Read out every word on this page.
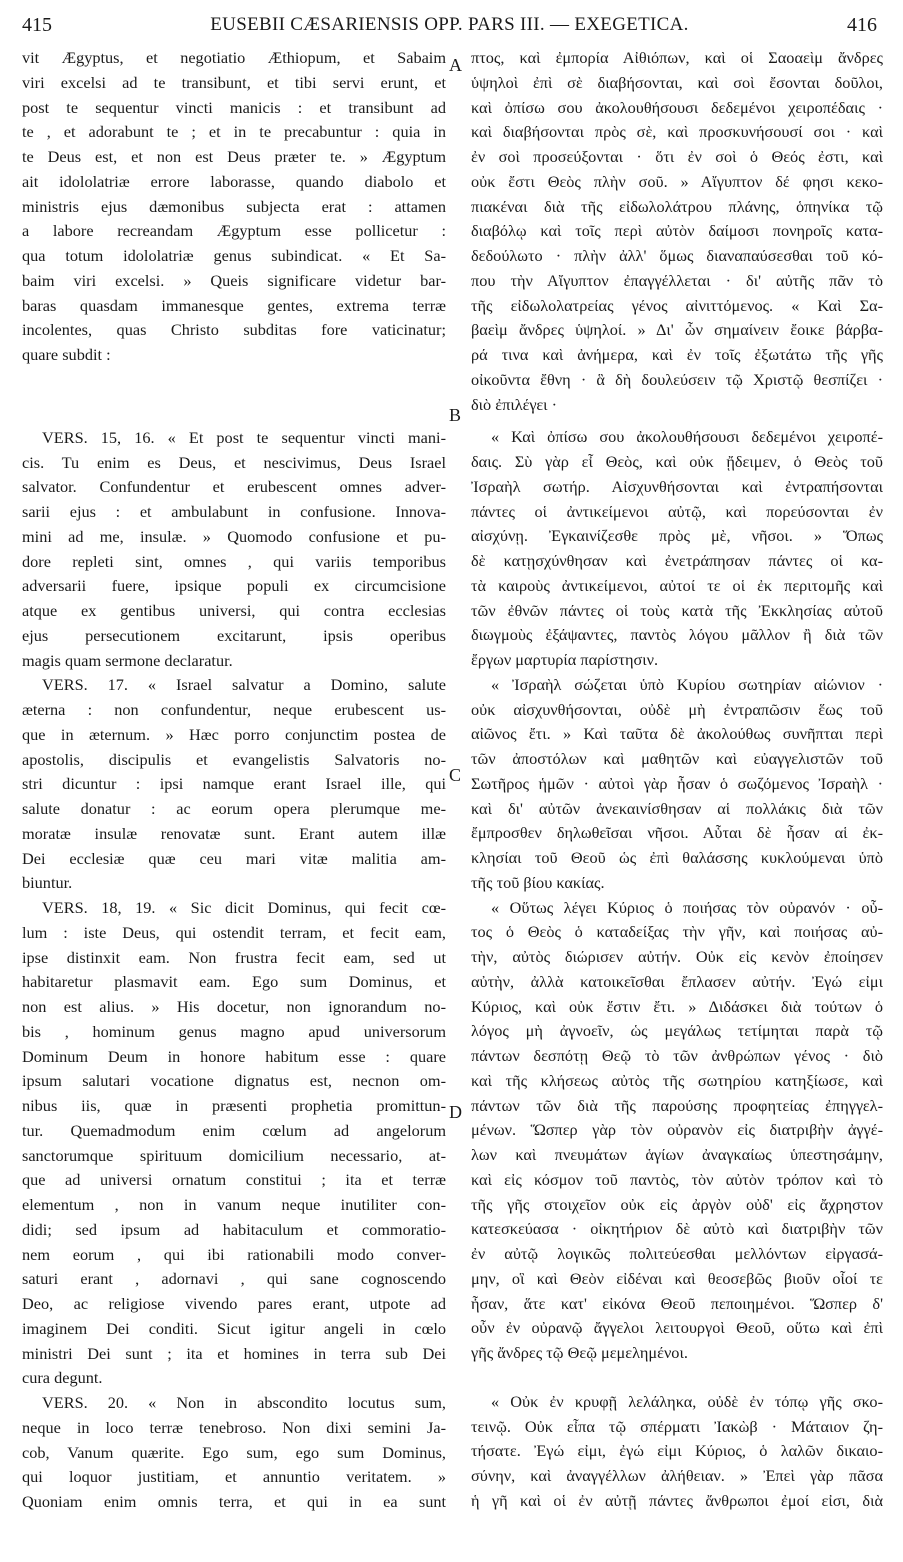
415	EUSEBII CÆSARIENSIS OPP. PARS III. — EXEGETICA.	416
vit Ægyptus, et negotiatio Æthiopum, et Sabaim
viri excelsi ad te transibunt, et tibi servi erunt, et
post te sequentur vincti manicis : et transibunt ad
te , et adorabunt te ; et in te precabuntur : quia in
te Deus est, et non est Deus præter te. » Ægyptum
ait idololatriæ errore laborasse, quando diabolo et
ministris ejus dæmonibus subjecta erat : attamen
a labore recreandam Ægyptum esse pollicetur :
qua totum idololatriæ genus subindicat. « Et Sa-
baim viri excelsi. » Queis significare videtur bar-
baras quasdam immanesque gentes, extrema terræ
incolentes, quas Christo subditas fore vaticinatur;
quare subdit :
VERS. 15, 16. « Et post te sequentur vincti mani-
cis. Tu enim es Deus, et nescivimus, Deus Israel
salvator. Confundentur et erubescent omnes adver-
sarii ejus : et ambulabunt in confusione. Innova-
mini ad me, insulæ. » Quomodo confusione et pu-
dore repleti sint, omnes , qui variis temporibus
adversarii fuere, ipsique populi ex circumcisione
atque ex gentibus universi, qui contra ecclesias
ejus persecutionem excitarunt, ipsis operibus
magis quam sermone declaratur.
VERS. 17. « Israel salvatur a Domino, salute
æterna : non confundentur, neque erubescent us-
que in æternum. » Hæc porro conjunctim postea de
apostolis, discipulis et evangelistis Salvatoris no-
stri dicuntur : ipsi namque erant Israel ille, qui
salute donatur : ac eorum opera plerumque me-
moratæ insulæ renovatæ sunt. Erant autem illæ
Dei ecclesiæ quæ ceu mari vitæ malitia am-
biuntur.
VERS. 18, 19. « Sic dicit Dominus, qui fecit cœ-
lum : iste Deus, qui ostendit terram, et fecit eam,
ipse distinxit eam. Non frustra fecit eam, sed ut
habitaretur plasmavit eam. Ego sum Dominus, et
non est alius. » His docetur, non ignorandum no-
bis , hominum genus magno apud universorum
Dominum Deum in honore habitum esse : quare
ipsum salutari vocatione dignatus est, necnon om-
nibus iis, quæ in præsenti prophetia promittun-
tur. Quemadmodum enim cœlum ad angelorum
sanctorumque spirituum domicilium necessario, at-
que ad universi ornatum constitui ; ita et terræ
elementum , non in vanum neque inutiliter con-
didi; sed ipsum ad habitaculum et commoratio-
nem eorum , qui ibi rationabili modo conver-
saturi erant , adornavi , qui sane cognoscendo
Deo, ac religiose vivendo pares erant, utpote ad
imaginem Dei conditi. Sicut igitur angeli in cœlo
ministri Dei sunt ; ita et homines in terra sub Dei
cura degunt.
VERS. 20. « Non in abscondito locutus sum,
neque in loco terræ tenebroso. Non dixi semini Ja-
cob, Vanum quærite. Ego sum, ego sum Dominus,
qui loquor justitiam, et annuntio veritatem. »
Quoniam enim omnis terra, et qui in ea sunt
πτος, καὶ ἐμπορία Αἰθιόπων, καὶ οἱ Σαοαεὶμ ἄνδρες
ὑψηλοὶ ἐπὶ σὲ διαβήσονται, καὶ σοὶ ἔσονται δοῦλοι,
καὶ ὀπίσω σου ἀκολουθήσουσι δεδεμένοι χειροπέδαις ·
καὶ διαβήσονται πρὸς σὲ, καὶ προσκυνήσουσί σοι · καὶ
ἐν σοὶ προσεύξονται · ὅτι ἐν σοὶ ὁ Θεός ἐστι, καὶ
οὐκ ἔστι Θεὸς πλὴν σοῦ. » Αἴγυπτον δέ φησι κεκο-
πιακέναι διὰ τῆς εἰδωλολάτρου πλάνης, ὁπηνίκα τῷ
διαβόλῳ καὶ τοῖς περὶ αὐτὸν δαίμοσι πονηροῖς κατα-
δεδούλωτο · πλὴν ἀλλ' ὅμως διαναπαύσεσθαι τοῦ κό-
που τὴν Αἴγυπτον ἐπαγγέλλεται · δι' αὐτῆς πᾶν τὸ
τῆς εἰδωλολατρείας γένος αἰνιττόμενος. « Καὶ Σα-
βαεὶμ ἄνδρες ὑψηλοί. » Δι' ὧν σημαίνειν ἔοικε βάρβα-
ρά τινα καὶ ἀνήμερα, καὶ ἐν τοῖς ἐξωτάτω τῆς γῆς
οἰκοῦντα ἔθνη · ἃ δὴ δουλεύσειν τῷ Χριστῷ θεσπίζει ·
διὸ ἐπιλέγει ·
« Καὶ ὀπίσω σου ἀκολουθήσουσι δεδεμένοι χειροπέ-
δαις. Σὺ γὰρ εἶ Θεὸς, καὶ οὐκ ᾔδειμεν, ὁ Θεὸς τοῦ
Ἰσραὴλ σωτήρ. Αἰσχυνθήσονται καὶ ἐντραπήσονται
πάντες οἱ ἀντικείμενοι αὐτῷ, καὶ πορεύσονται ἐν
αἰσχύνῃ. Ἐγκαινίζεσθε πρὸς μὲ, νῆσοι. » Ὅπως
δὲ κατῃσχύνθησαν καὶ ἐνετράπησαν πάντες οἱ κα-
τὰ καιροὺς ἀντικείμενοι, αὐτοί τε οἱ ἐκ περιτομῆς καὶ
τῶν ἐθνῶν πάντες οἱ τοὺς κατὰ τῆς Ἐκκλησίας αὐτοῦ
διωγμοὺς ἐξάψαντες, παντὸς λόγου μᾶλλον ἢ διὰ τῶν
ἔργων μαρτυρία παρίστησιν.
« Ἰσραὴλ σώζεται ὑπὸ Κυρίου σωτηρίαν αἰώνιον ·
οὐκ αἰσχυνθήσονται, οὐδὲ μὴ ἐντραπῶσιν ἕως τοῦ
αἰῶνος ἔτι. » Καὶ ταῦτα δὲ ἀκολούθως συνῆπται περὶ
τῶν ἀποστόλων καὶ μαθητῶν καὶ εὐαγγελιστῶν τοῦ
Σωτῆρος ἡμῶν · αὐτοὶ γὰρ ἦσαν ὁ σωζόμενος Ἰσραὴλ ·
καὶ δι' αὐτῶν ἀνεκαινίσθησαν αἱ πολλάκις διὰ τῶν
ἔμπροσθεν δηλωθεῖσαι νῆσοι. Αὗται δὲ ἦσαν αἱ ἐκ-
κλησίαι τοῦ Θεοῦ ὡς ἐπὶ θαλάσσης κυκλούμεναι ὑπὸ
τῆς τοῦ βίου κακίας.
« Οὕτως λέγει Κύριος ὁ ποιήσας τὸν οὐρανόν · οὗ-
τος ὁ Θεὸς ὁ καταδείξας τὴν γῆν, καὶ ποιήσας αὐ-
τὴν, αὐτὸς διώρισεν αὐτήν. Οὐκ εἰς κενὸν ἐποίησεν
αὐτὴν, ἀλλὰ κατοικεῖσθαι ἔπλασεν αὐτήν. Ἐγώ εἰμι
Κύριος, καὶ οὐκ ἔστιν ἔτι. » Διδάσκει διὰ τούτων ὁ
λόγος μὴ ἀγνοεῖν, ὡς μεγάλως τετίμηται παρὰ τῷ
πάντων δεσπότῃ Θεῷ τὸ τῶν ἀνθρώπων γένος · διὸ
καὶ τῆς κλήσεως αὐτὸς τῆς σωτηρίου κατηξίωσε, καὶ
πάντων τῶν διὰ τῆς παρούσης προφητείας ἐπηγγελ-
μένων. Ὥσπερ γὰρ τὸν οὐρανὸν εἰς διατριβὴν ἀγγέ-
λων καὶ πνευμάτων ἁγίων ἀναγκαίως ὑπεστησάμην,
καὶ εἰς κόσμον τοῦ παντὸς, τὸν αὐτὸν τρόπον καὶ τὸ
τῆς γῆς στοιχεῖον οὐκ εἰς ἀργὸν οὐδ' εἰς ἄχρηστον
κατεσκεύασα · οἰκητήριον δὲ αὐτὸ καὶ διατριβὴν τῶν
ἐν αὐτῷ λογικῶς πολιτεύεσθαι μελλόντων εἰργασά-
μην, οἳ καὶ Θεὸν εἰδέναι καὶ θεοσεβῶς βιοῦν οἷοί τε
ἦσαν, ἅτε κατ' εἰκόνα Θεοῦ πεποιημένοι. Ὥσπερ δ'
οὖν ἐν οὐρανῷ ἄγγελοι λειτουργοὶ Θεοῦ, οὕτω καὶ ἐπὶ
γῆς ἄνδρες τῷ Θεῷ μεμελημένοι.
« Οὐκ ἐν κρυφῇ λελάληκα, οὐδὲ ἐν τόπῳ γῆς σκο-
τεινῷ. Οὐκ εἶπα τῷ σπέρματι Ἰακὼβ · Μάταιον ζη-
τήσατε. Ἐγώ εἰμι, ἐγώ εἰμι Κύριος, ὁ λαλῶν δικαιο-
σύνην, καὶ ἀναγγέλλων ἀλήθειαν. » Ἐπεὶ γὰρ πᾶσα
ἡ γῆ καὶ οἱ ἐν αὐτῇ πάντες ἄνθρωποι ἐμοί εἰσι, διὰ
A
B
C
D
